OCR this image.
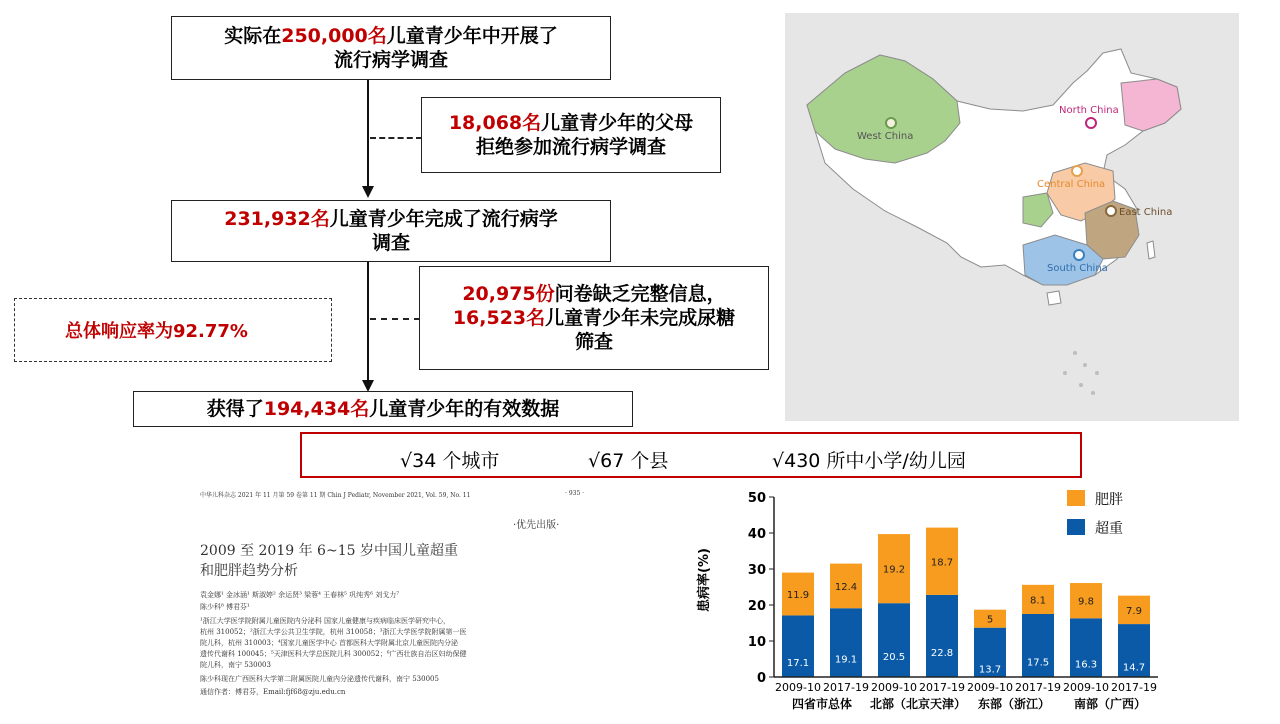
实际在250,000名儿童青少年中开展了
流行病学调查
18,068名儿童青少年的父母
拒绝参加流行病学调查
231,932名儿童青少年完成了流行病学
调查
20,975份问卷缺乏完整信息，
16,523名儿童青少年未完成尿糖
筛查
总体响应率为92.77%
获得了194,434名儿童青少年的有效数据
√34 个城市	√67 个县	√430 所中小学/幼儿园
West China
North China
Central China
East China
South China
中华儿科杂志 2021 年 11 月第 59 卷第 11 期 Chin J Pediatr, November 2021, Vol. 59, No. 11	· 935 ·
·优先出版·
2009 至 2019 年 6~15 岁中国儿童超重
和肥胖趋势分析
袁金娜¹ 金冰涵¹ 斯淑婷² 余运贤³ 梁蓉⁴ 王春林⁵ 巩纯秀⁶ 刘戈力⁷
陈少科⁸ 傅君芬¹
¹浙江大学医学院附属儿童医院内分泌科 国家儿童健康与疾病临床医学研究中心，
杭州 310052；²浙江大学公共卫生学院，杭州 310058；³浙江大学医学院附属第一医
院儿科，杭州 310003；⁴国家儿童医学中心 首都医科大学附属北京儿童医院内分泌
遗传代谢科 100045；⁵天津医科大学总医院儿科 300052；⁶广西壮族自治区妇幼保健
院儿科，南宁 530003
陈少科现在广西医科大学第二附属医院儿童内分泌遗传代谢科，南宁 530005
通信作者：傅君芬，Email:fjf68@zju.edu.cn
患病率(%)
0
10
20
30
40
50
17.1
11.9
19.1
12.4
20.5
19.2
22.8
18.7
13.7
5
17.5
8.1
16.3
9.8
14.7
7.9
2009-10 2017-19 2009-10 2017-19 2009-10 2017-19 2009-10 2017-19
四省市总体 北部（北京天津） 东部（浙江） 南部（广西）
肥胖
超重
